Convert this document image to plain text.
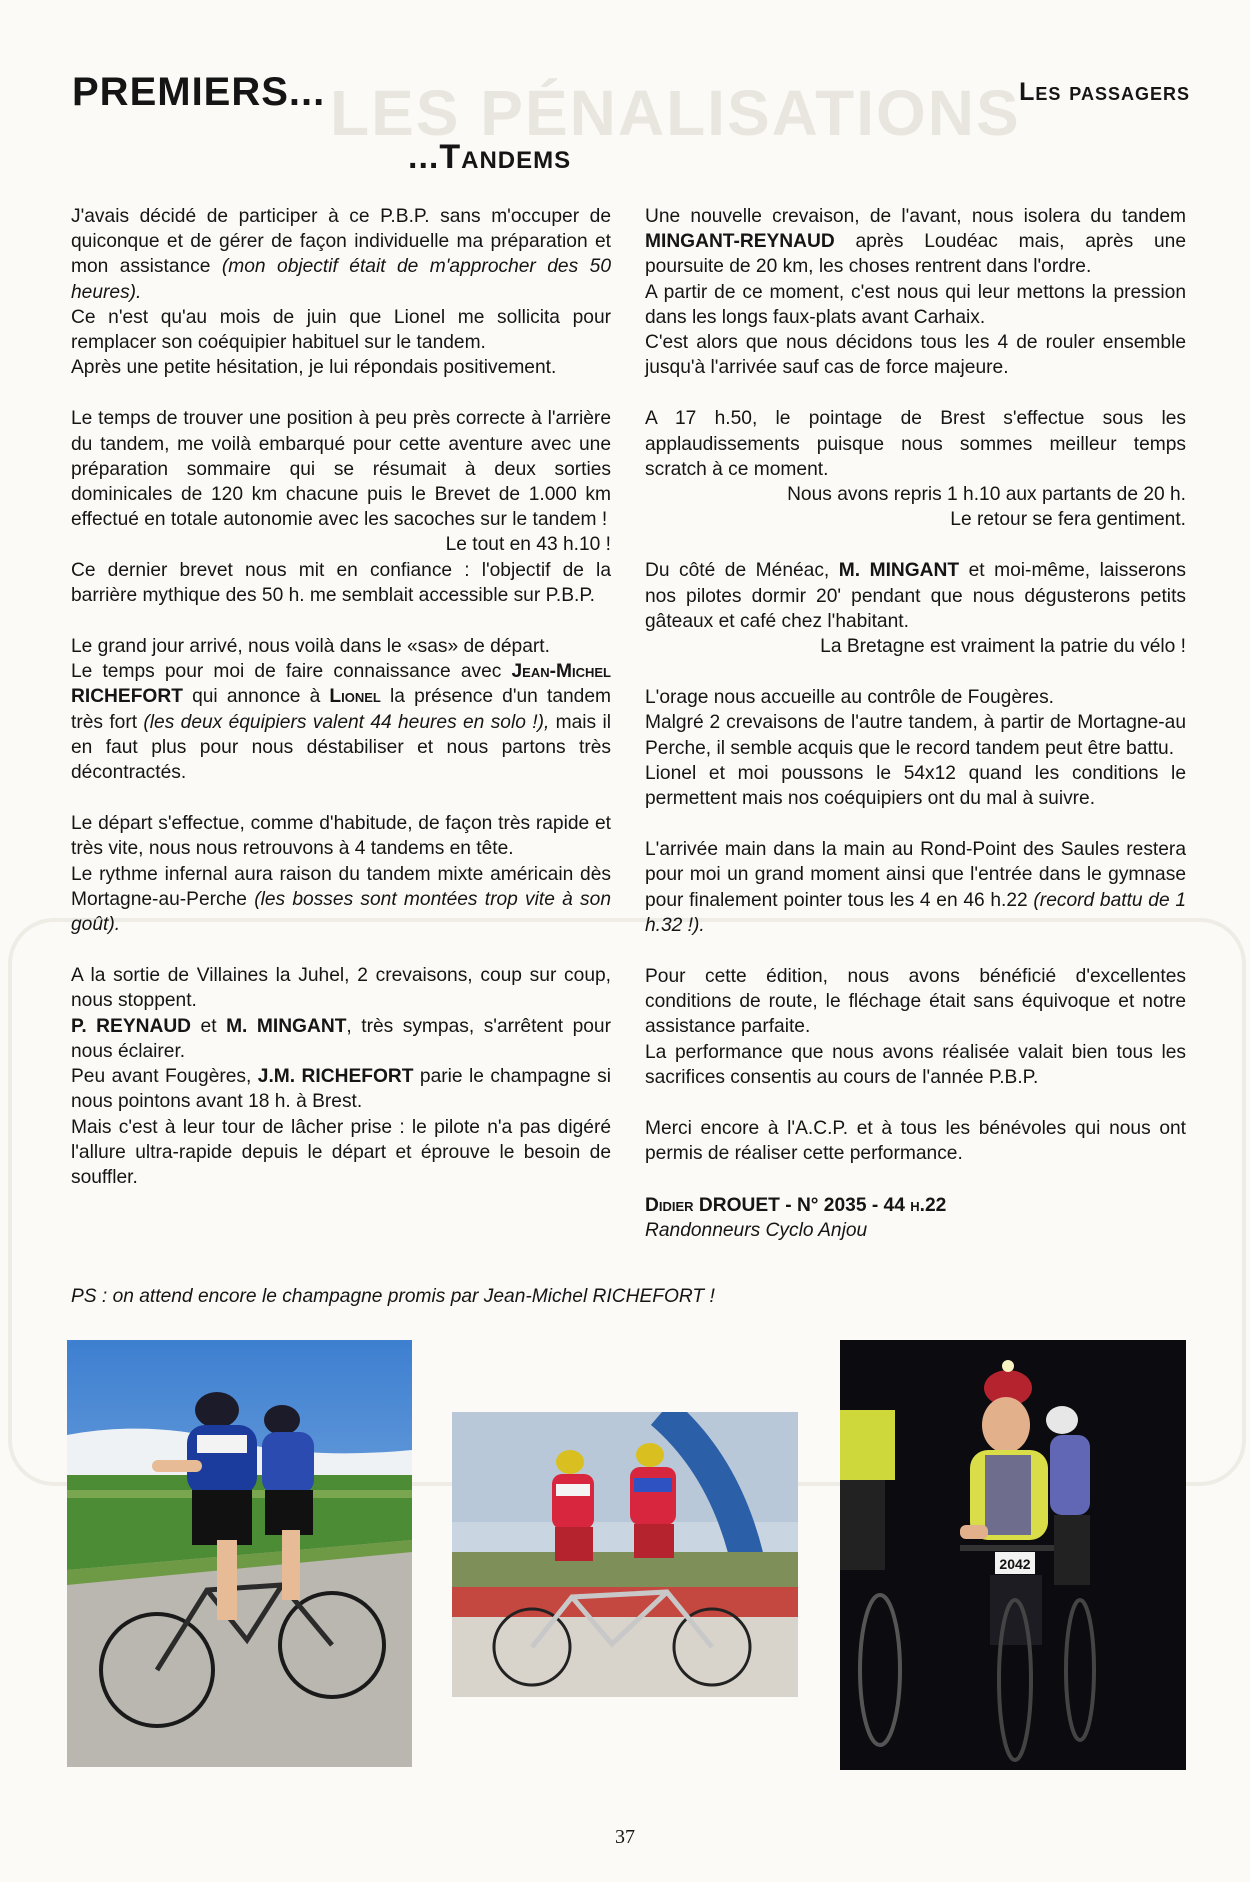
LES PÉNALISATIONS
PREMIERS...	Les passagers
...Tandems

J'avais décidé de participer à ce P.B.P. sans m'occuper de quiconque et de gérer de façon individuelle ma préparation et mon assistance (mon objectif était de m'approcher des 50 heures).

Ce n'est qu'au mois de juin que Lionel me sollicita pour remplacer son coéquipier habituel sur le tandem.

Après une petite hésitation, je lui répondais positivement.

Le temps de trouver une position à peu près correcte à l'arrière du tandem, me voilà embarqué pour cette aventure avec une préparation sommaire qui se résumait à deux sorties dominicales de 120 km chacune puis le Brevet de 1.000 km effectué en totale autonomie avec les sacoches sur le tandem !

Le tout en 43 h.10 !

Ce dernier brevet nous mit en confiance : l'objectif de la barrière mythique des 50 h. me semblait accessible sur P.B.P.

Le grand jour arrivé, nous voilà dans le «sas» de départ.

Le temps pour moi de faire connaissance avec Jean-Michel RICHEFORT qui annonce à Lionel la présence d'un tandem très fort (les deux équipiers valent 44 heures en solo !), mais il en faut plus pour nous déstabiliser et nous partons très décontractés.

Le départ s'effectue, comme d'habitude, de façon très rapide et très vite, nous nous retrouvons à 4 tandems en tête.

Le rythme infernal aura raison du tandem mixte américain dès Mortagne-au-Perche (les bosses sont montées trop vite à son goût).

A la sortie de Villaines la Juhel, 2 crevaisons, coup sur coup, nous stoppent.

P. REYNAUD et M. MINGANT, très sympas, s'arrêtent pour nous éclairer.

Peu avant Fougères, J.M. RICHEFORT parie le champagne si nous pointons avant 18 h. à Brest.

Mais c'est à leur tour de lâcher prise : le pilote n'a pas digéré l'allure ultra-rapide depuis le départ et éprouve le besoin de souffler.

Une nouvelle crevaison, de l'avant, nous isolera du tandem MINGANT-REYNAUD après Loudéac mais, après une poursuite de 20 km, les choses rentrent dans l'ordre.

A partir de ce moment, c'est nous qui leur mettons la pression dans les longs faux-plats avant Carhaix.

C'est alors que nous décidons tous les 4 de rouler ensemble jusqu'à l'arrivée sauf cas de force majeure.

A 17 h.50, le pointage de Brest s'effectue sous les applaudissements puisque nous sommes meilleur temps scratch à ce moment.

Nous avons repris 1 h.10 aux partants de 20 h.

Le retour se fera gentiment.

Du côté de Ménéac, M. MINGANT et moi-même, laisserons nos pilotes dormir 20' pendant que nous dégusterons petits gâteaux et café chez l'habitant.

La Bretagne est vraiment la patrie du vélo !

L'orage nous accueille au contrôle de Fougères.

Malgré 2 crevaisons de l'autre tandem, à partir de Mortagne-au Perche, il semble acquis que le record tandem peut être battu.

Lionel et moi poussons le 54x12 quand les conditions le permettent mais nos coéquipiers ont du mal à suivre.

L'arrivée main dans la main au Rond-Point des Saules restera pour moi un grand moment ainsi que l'entrée dans le gymnase pour finalement pointer tous les 4 en 46 h.22 (record battu de 1 h.32 !).

Pour cette édition, nous avons bénéficié d'excellentes conditions de route, le fléchage était sans équivoque et notre assistance parfaite.

La performance que nous avons réalisée valait bien tous les sacrifices consentis au cours de l'année P.B.P.

Merci encore à l'A.C.P. et à tous les bénévoles qui nous ont permis de réaliser cette performance.

Didier DROUET - N° 2035 - 44 h.22

Randonneurs Cyclo Anjou

PS : on attend encore le champagne promis par Jean-Michel RICHEFORT !
2042
37
